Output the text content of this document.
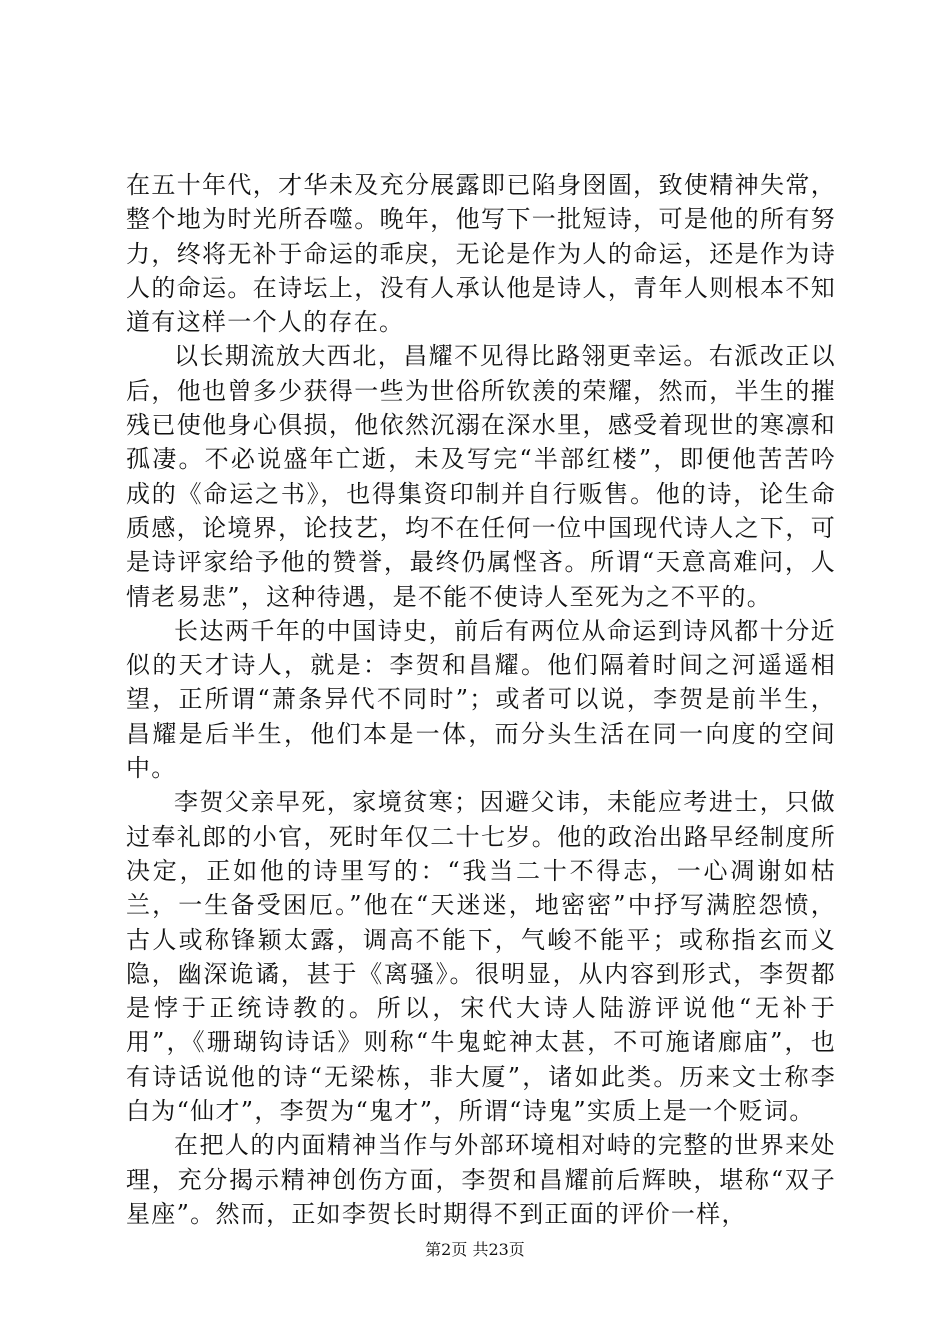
在五十年代，才华未及充分展露即已陷身囹圄，致使精神失常，整个地为时光所吞噬。晚年，他写下一批短诗，可是他的所有努力，终将无补于命运的乖戾，无论是作为人的命运，还是作为诗人的命运。在诗坛上，没有人承认他是诗人，青年人则根本不知道有这样一个人的存在。

以长期流放大西北，昌耀不见得比路翎更幸运。右派改正以后，他也曾多少获得一些为世俗所钦羡的荣耀，然而，半生的摧残已使他身心俱损，他依然沉溺在深水里，感受着现世的寒凛和孤凄。不必说盛年亡逝，未及写完“半部红楼”，即便他苦苦吟成的《命运之书》，也得集资印制并自行贩售。他的诗，论生命质感，论境界，论技艺，均不在任何一位中国现代诗人之下，可是诗评家给予他的赞誉，最终仍属悭吝。所谓“天意高难问，人情老易悲”，这种待遇，是不能不使诗人至死为之不平的。

长达两千年的中国诗史，前后有两位从命运到诗风都十分近似的天才诗人，就是：李贺和昌耀。他们隔着时间之河遥遥相望，正所谓“萧条异代不同时”；或者可以说，李贺是前半生，昌耀是后半生，他们本是一体，而分头生活在同一向度的空间中。

李贺父亲早死，家境贫寒；因避父讳，未能应考进士，只做过奉礼郎的小官，死时年仅二十七岁。他的政治出路早经制度所决定，正如他的诗里写的：“我当二十不得志，一心凋谢如枯兰，一生备受困厄。”他在“天迷迷，地密密”中抒写满腔怨愤，古人或称锋颖太露，调高不能下，气峻不能平；或称指玄而义隐，幽深诡谲，甚于《离骚》。很明显，从内容到形式，李贺都是悖于正统诗教的。所以，宋代大诗人陆游评说他“无补于用”，《珊瑚钩诗话》则称“牛鬼蛇神太甚，不可施诸廊庙”，也有诗话说他的诗“无梁栋，非大厦”，诸如此类。历来文士称李白为“仙才”，李贺为“鬼才”，所谓“诗鬼”实质上是一个贬词。

在把人的内面精神当作与外部环境相对峙的完整的世界来处理，充分揭示精神创伤方面，李贺和昌耀前后辉映，堪称“双子星座”。然而，正如李贺长时期得不到正面的评价一样，

第2页 共23页
